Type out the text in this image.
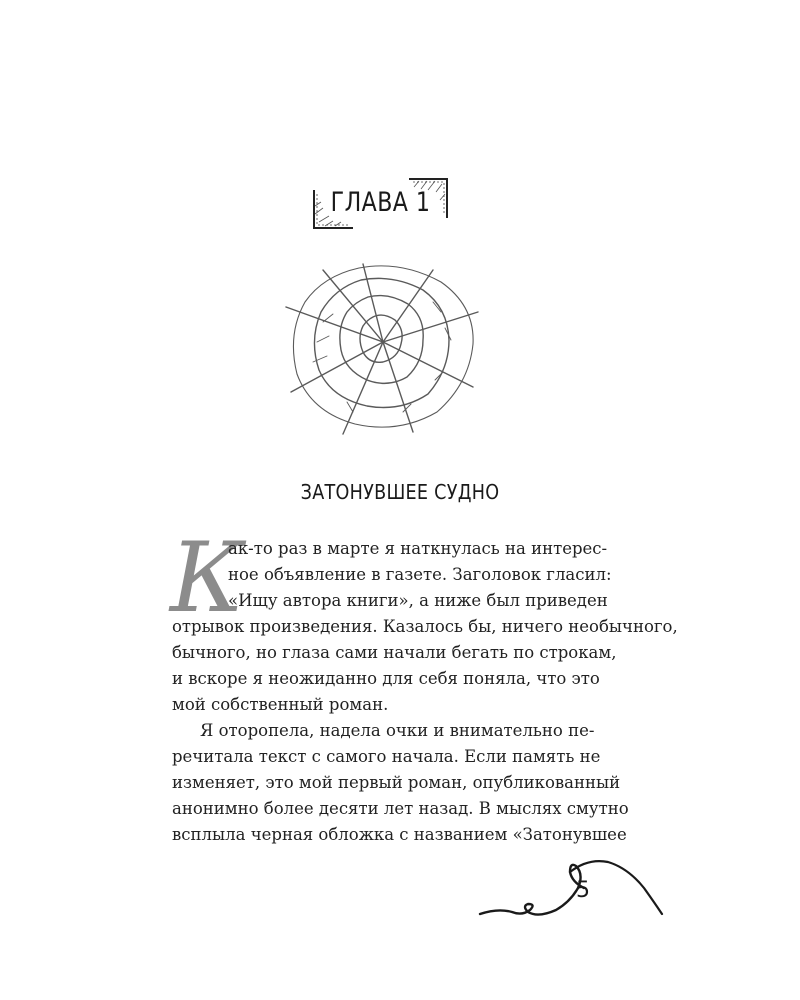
ГЛАВА 1
ЗАТОНУВШЕЕ СУДНО
К
ак-то раз в марте я наткнулась на интерес-
ное объявление в газете. Заголовок гласил:
«Ищу автора книги», а ниже был приведен
отрывок произведения. Казалось бы, ничего необычного,
бычного, но глаза сами начали бегать по строкам,
и вскоре я неожиданно для себя поняла, что это
мой собственный роман.
Я оторопела, надела очки и внимательно пе-
речитала текст с самого начала. Если память не
изменяет, это мой первый роман, опубликованный
анонимно более десяти лет назад. В мыслях смутно
всплыла черная обложка с названием «Затонувшее
5
